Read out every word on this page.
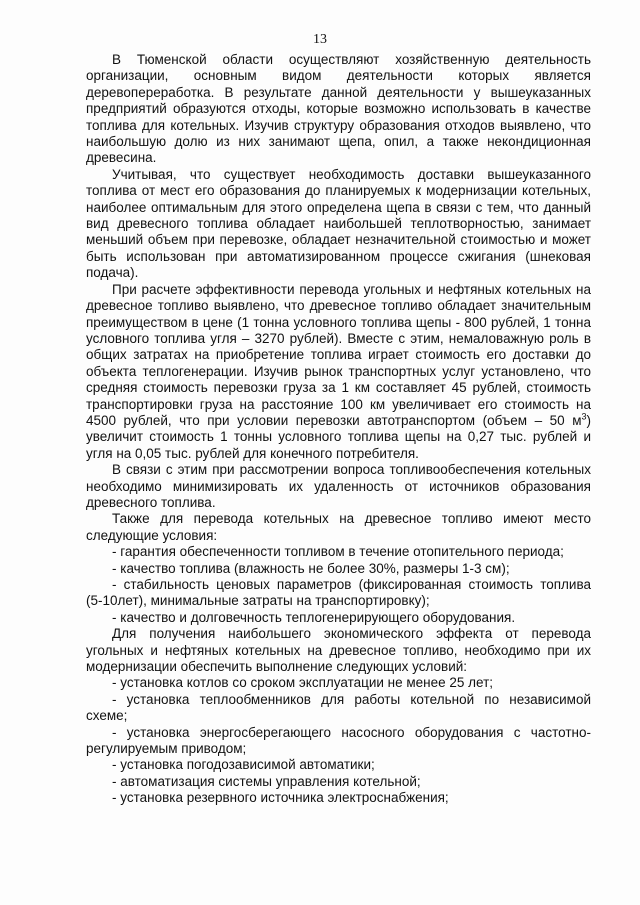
13

В Тюменской области осуществляют хозяйственную деятельность организации, основным видом деятельности которых является деревопереработка. В результате данной деятельности у вышеуказанных предприятий образуются отходы, которые возможно использовать в качестве топлива для котельных. Изучив структуру образования отходов выявлено, что наибольшую долю из них занимают щепа, опил, а также некондиционная древесина.

Учитывая, что существует необходимость доставки вышеуказанного топлива от мест его образования до планируемых к модернизации котельных, наиболее оптимальным для этого определена щепа в связи с тем, что данный вид древесного топлива обладает наибольшей теплотворностью, занимает меньший объем при перевозке, обладает незначительной стоимостью и может быть использован при автоматизированном процессе сжигания (шнековая подача).

При расчете эффективности перевода угольных и нефтяных котельных на древесное топливо выявлено, что древесное топливо обладает значительным преимуществом в цене (1 тонна условного топлива щепы - 800 рублей, 1 тонна условного топлива угля – 3270 рублей). Вместе с этим, немаловажную роль в общих затратах на приобретение топлива играет стоимость его доставки до объекта теплогенерации. Изучив рынок транспортных услуг установлено, что средняя стоимость перевозки груза за 1 км составляет 45 рублей, стоимость транспортировки груза на расстояние 100 км увеличивает его стоимость на 4500 рублей, что при условии перевозки автотранспортом (объем – 50 $м^3$) увеличит стоимость 1 тонны условного топлива щепы на 0,27 тыс. рублей и угля на 0,05 тыс. рублей для конечного потребителя.

В связи с этим при рассмотрении вопроса топливообеспечения котельных необходимо минимизировать их удаленность от источников образования древесного топлива.

Также для перевода котельных на древесное топливо имеют место следующие условия:

- гарантия обеспеченности топливом в течение отопительного периода;

- качество топлива (влажность не более 30%, размеры 1-3 см);

- стабильность ценовых параметров (фиксированная стоимость топлива (5-10лет), минимальные затраты на транспортировку);

- качество и долговечность теплогенерирующего оборудования.

Для получения наибольшего экономического эффекта от перевода угольных и нефтяных котельных на древесное топливо, необходимо при их модернизации обеспечить выполнение следующих условий:

- установка котлов со сроком эксплуатации не менее 25 лет;

- установка теплообменников для работы котельной по независимой схеме;

- установка энергосберегающего насосного оборудования с частотно-регулируемым приводом;

- установка погодозависимой автоматики;

- автоматизация системы управления котельной;

- установка резервного источника электроснабжения;
